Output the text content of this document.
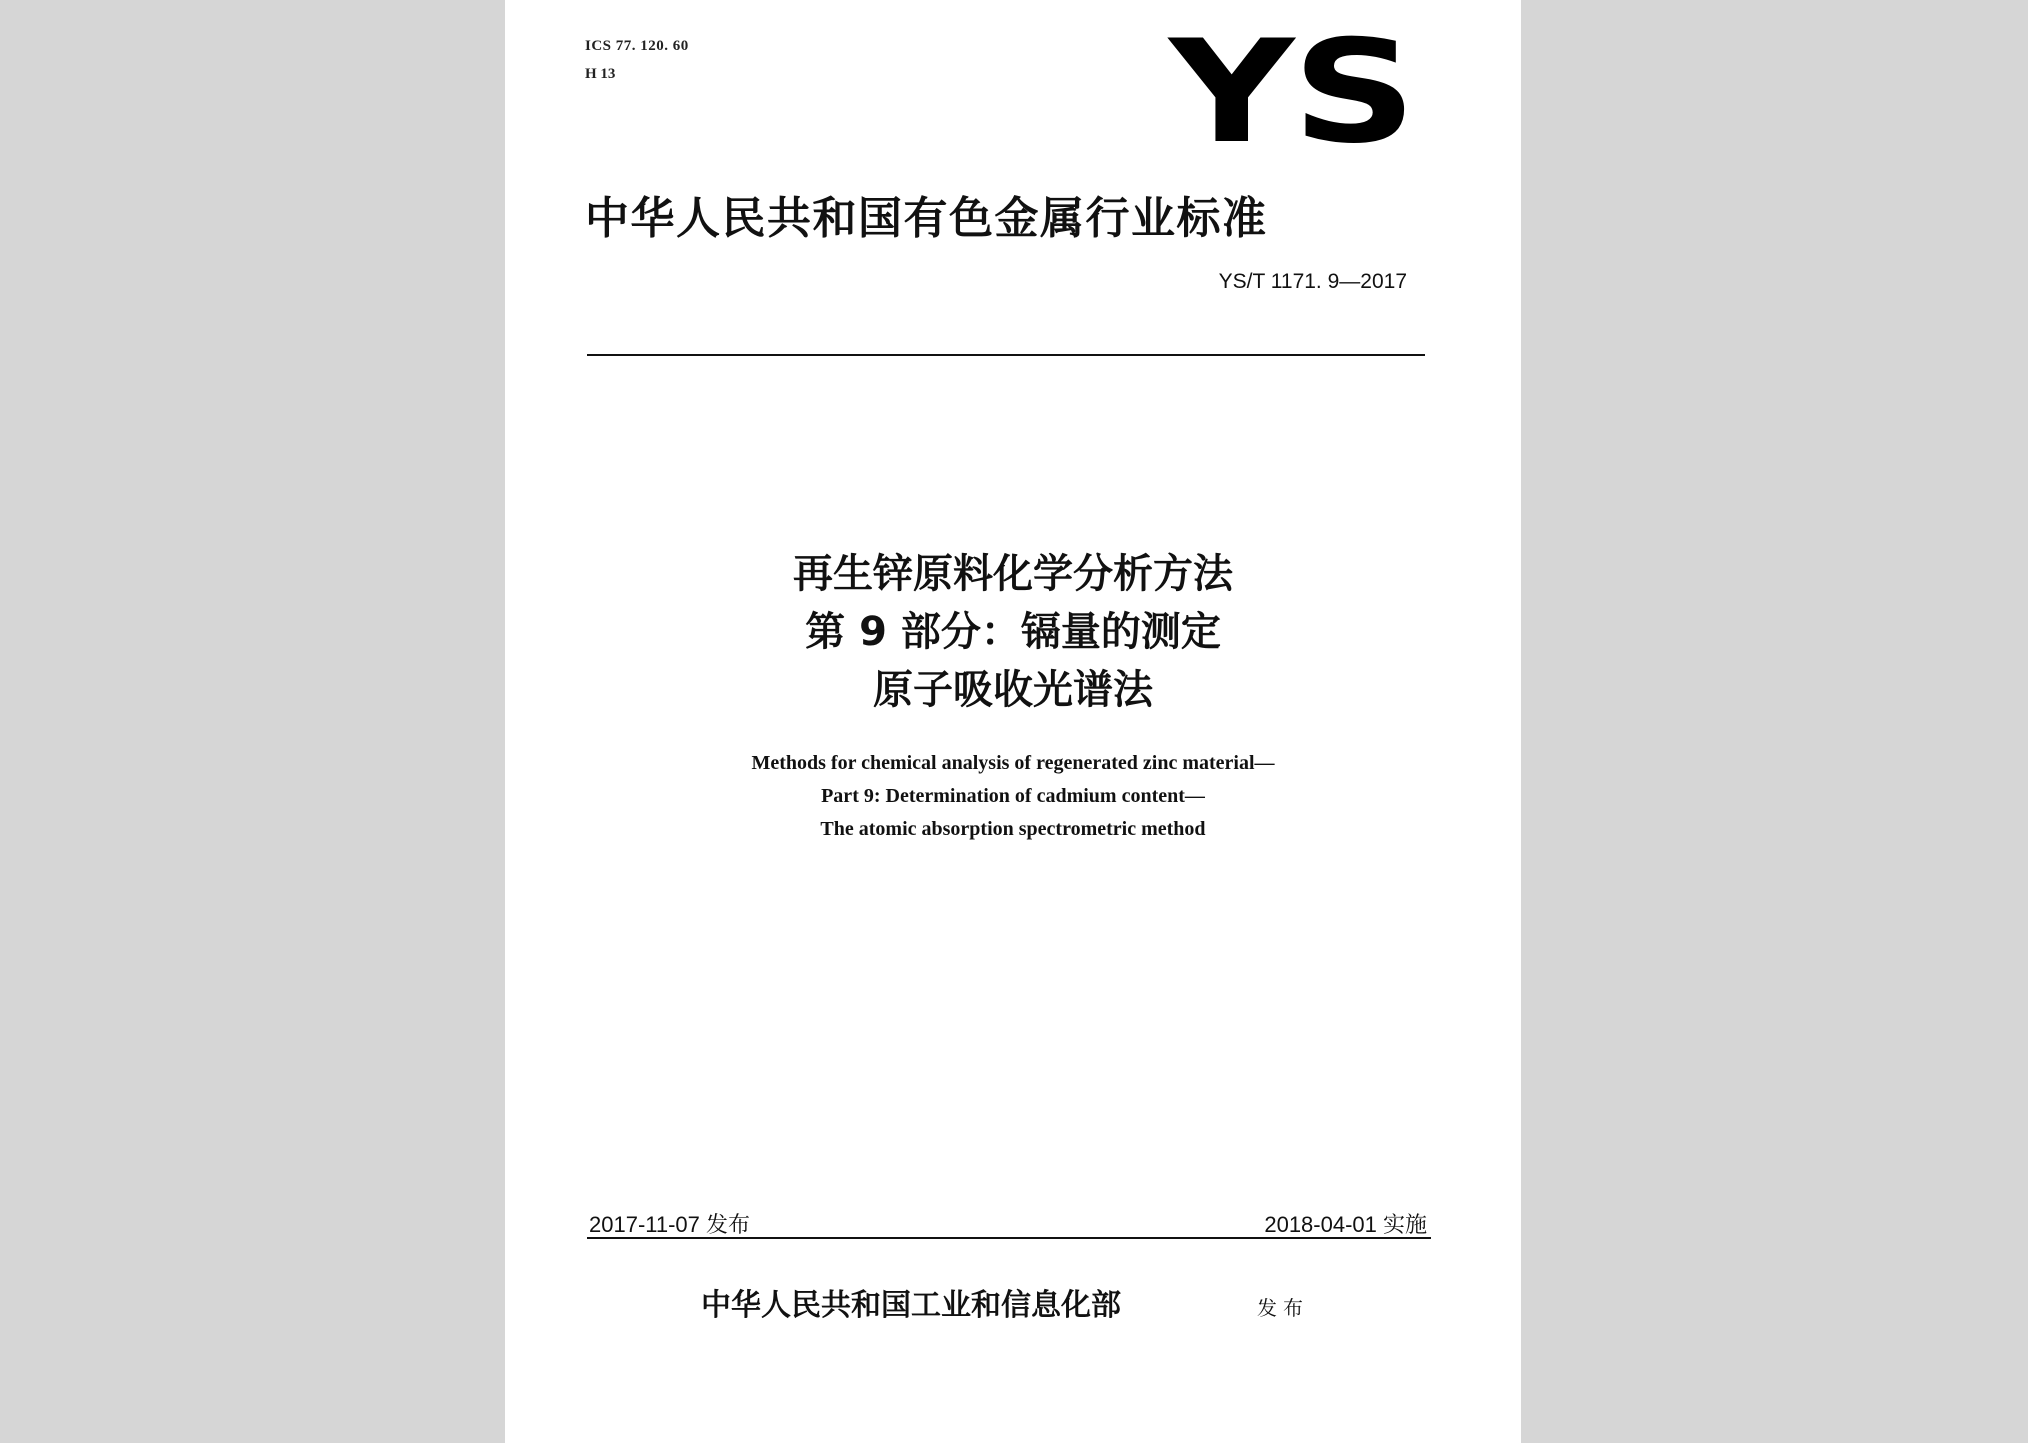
ICS 77. 120. 60
H 13	YS
中华人民共和国有色金属行业标准
YS/T 1171. 9—2017
再生锌原料化学分析方法
第 9 部分：镉量的测定
原子吸收光谱法
Methods for chemical analysis of regenerated zinc material—
Part 9: Determination of cadmium content—
The atomic absorption spectrometric method
2017-11-07 发布	2018-04-01 实施
中华人民共和国工业和信息化部	发布
